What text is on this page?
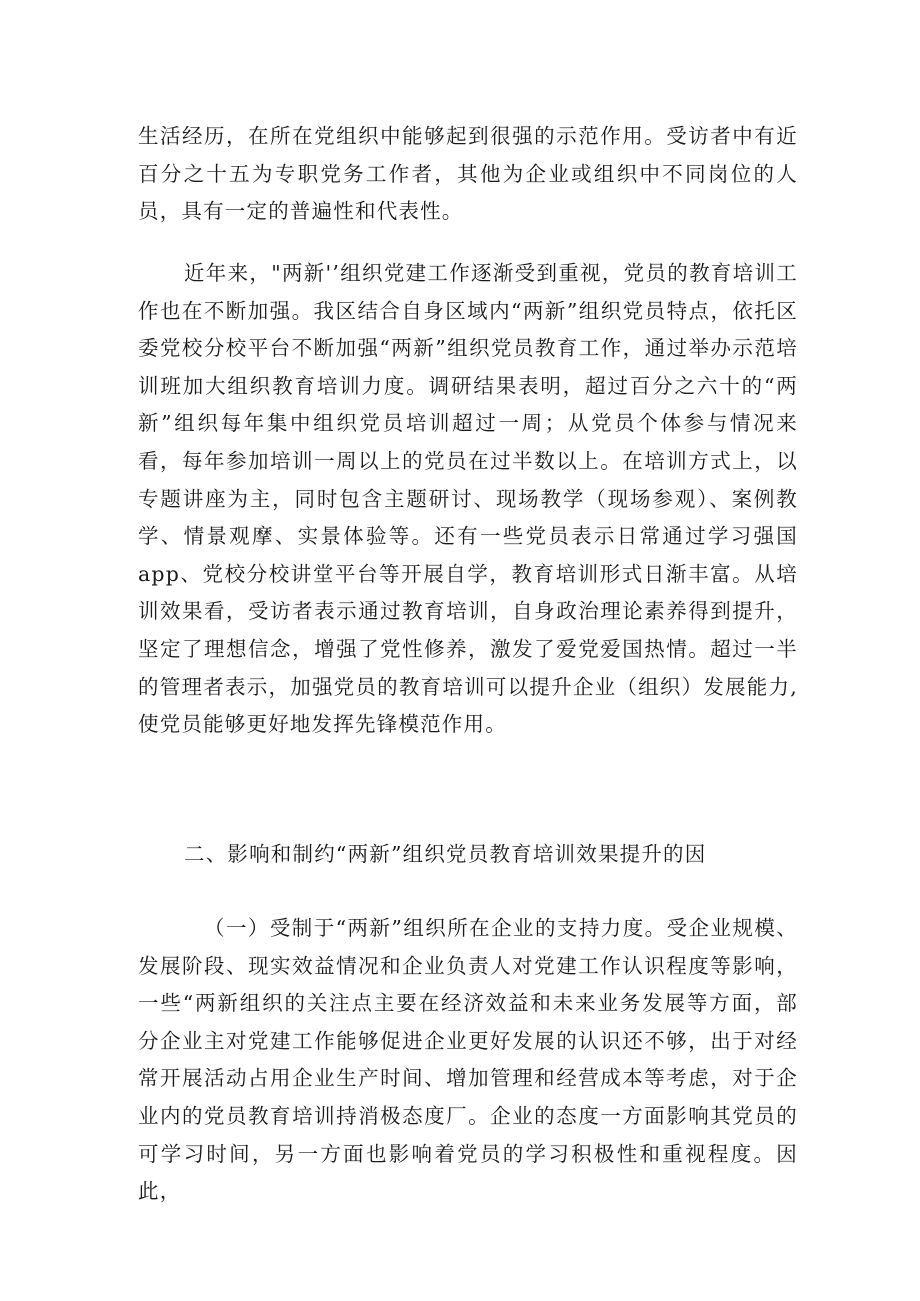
生活经历，在所在党组织中能够起到很强的示范作用。受访者中有近百分之十五为专职党务工作者，其他为企业或组织中不同岗位的人员，具有一定的普遍性和代表性。

近年来，"两新'’组织党建工作逐渐受到重视，党员的教育培训工作也在不断加强。我区结合自身区域内“两新”组织党员特点，依托区委党校分校平台不断加强“两新”组织党员教育工作，通过举办示范培训班加大组织教育培训力度。调研结果表明，超过百分之六十的“两新”组织每年集中组织党员培训超过一周；从党员个体参与情况来看，每年参加培训一周以上的党员在过半数以上。在培训方式上，以专题讲座为主，同时包含主题研讨、现场教学（现场参观）、案例教学、情景观摩、实景体验等。还有一些党员表示日常通过学习强国app、党校分校讲堂平台等开展自学，教育培训形式日渐丰富。从培训效果看，受访者表示通过教育培训，自身政治理论素养得到提升，坚定了理想信念，增强了党性修养，激发了爱党爱国热情。超过一半的管理者表示，加强党员的教育培训可以提升企业（组织）发展能力,使党员能够更好地发挥先锋模范作用。

二、影响和制约“两新”组织党员教育培训效果提升的因

（一）受制于“两新”组织所在企业的支持力度。受企业规模、发展阶段、现实效益情况和企业负责人对党建工作认识程度等影响，一些“两新组织的关注点主要在经济效益和未来业务发展等方面，部分企业主对党建工作能够促进企业更好发展的认识还不够，出于对经常开展活动占用企业生产时间、增加管理和经营成本等考虑，对于企业内的党员教育培训持消极态度厂。企业的态度一方面影响其党员的可学习时间，另一方面也影响着党员的学习积极性和重视程度。因此，
